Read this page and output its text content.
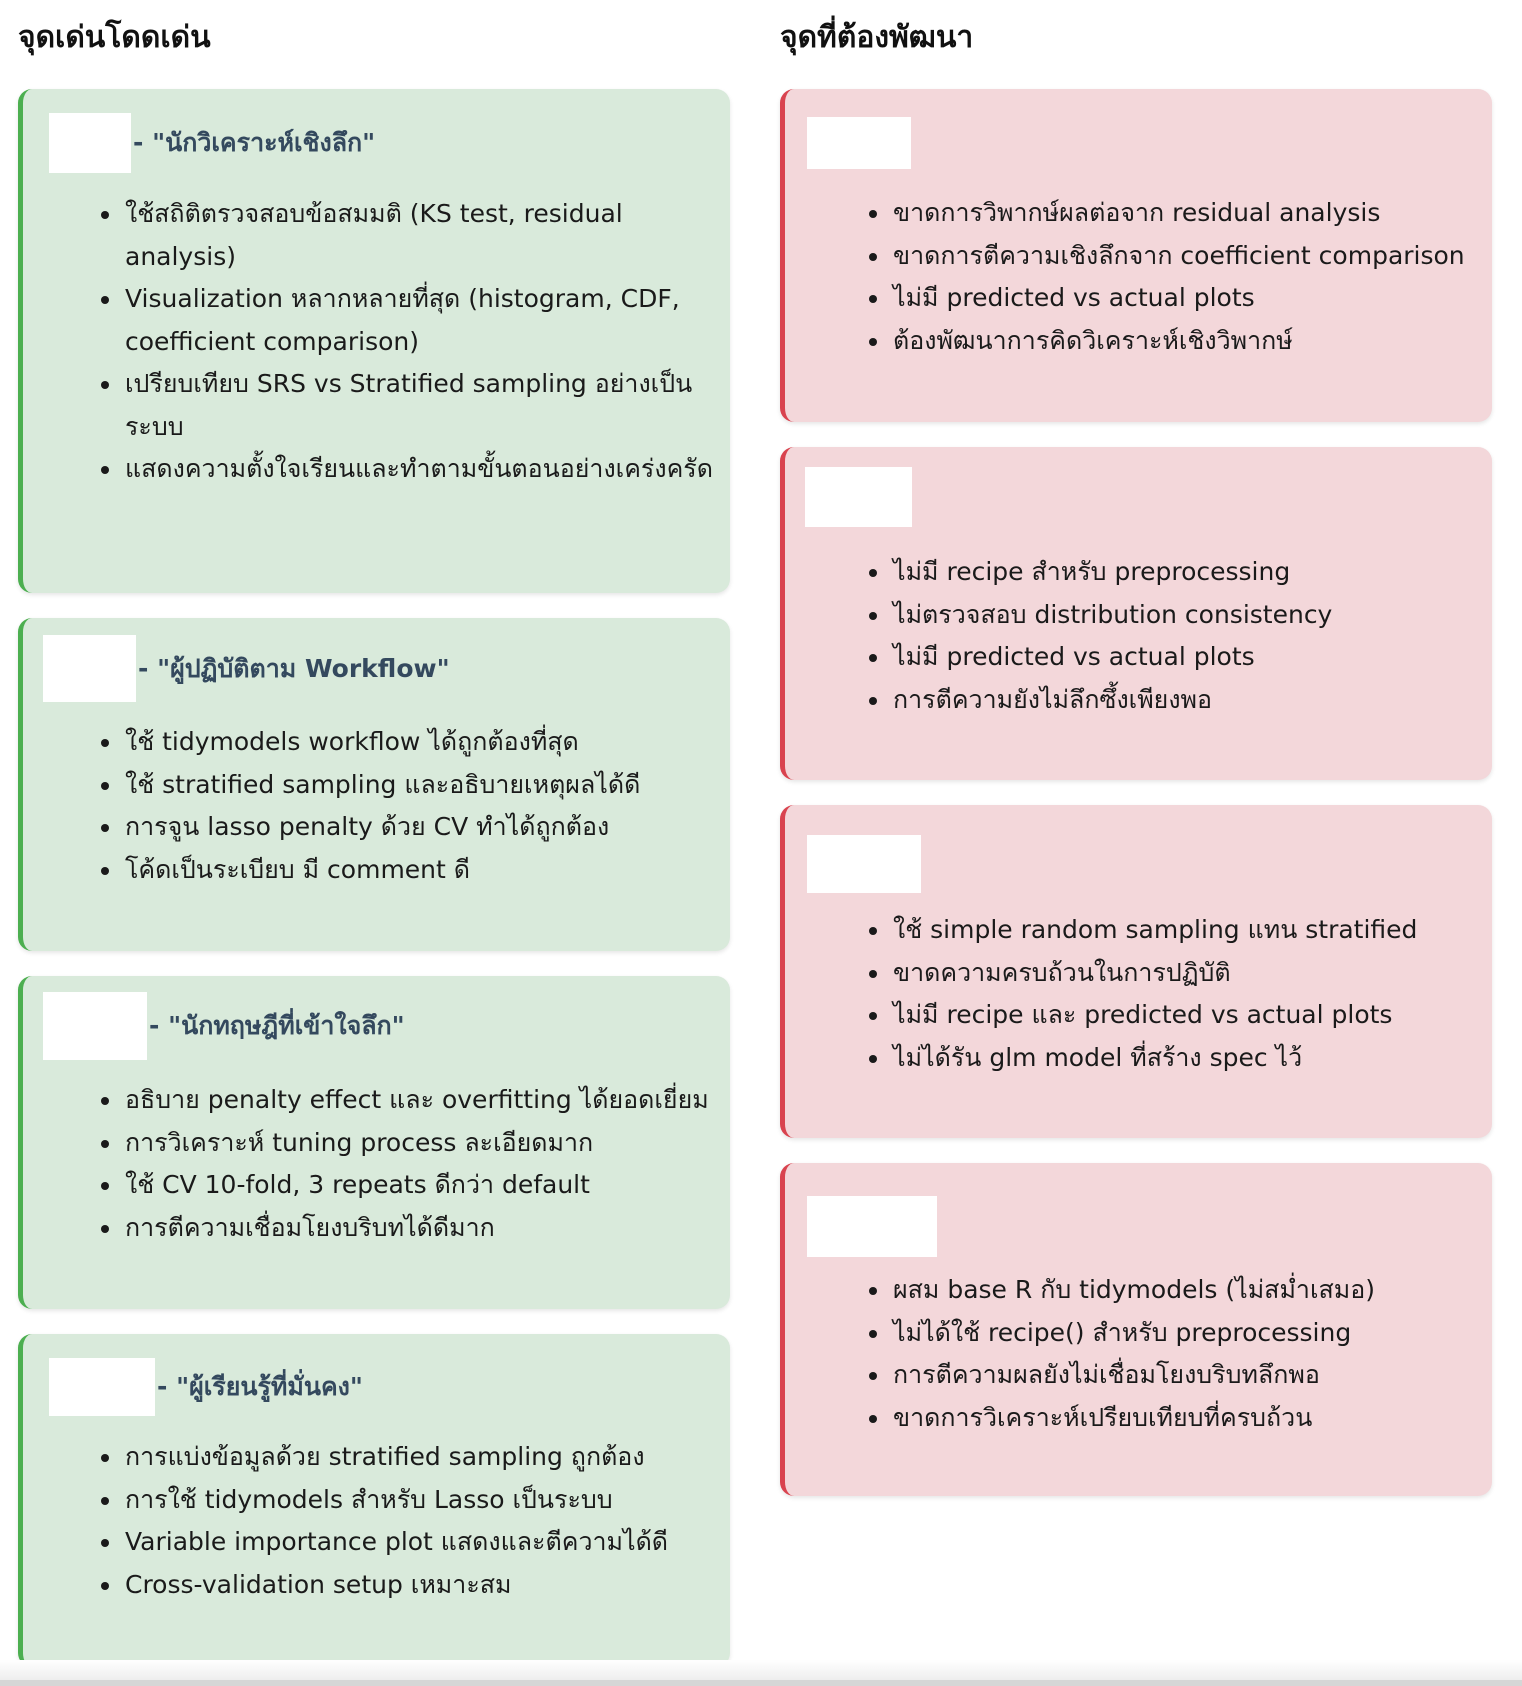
จุดเด่นโดดเด่น
- "นักวิเคราะห์เชิงลึก"
• ใช้สถิติตรวจสอบข้อสมมติ (KS test, residual analysis)
• Visualization หลากหลายที่สุด (histogram, CDF, coefficient comparison)
• เปรียบเทียบ SRS vs Stratified sampling อย่างเป็นระบบ
• แสดงความตั้งใจเรียนและทำตามขั้นตอนอย่างเคร่งครัด
- "ผู้ปฏิบัติตาม Workflow"
• ใช้ tidymodels workflow ได้ถูกต้องที่สุด
• ใช้ stratified sampling และอธิบายเหตุผลได้ดี
• การจูน lasso penalty ด้วย CV ทำได้ถูกต้อง
• โค้ดเป็นระเบียบ มี comment ดี
- "นักทฤษฎีที่เข้าใจลึก"
• อธิบาย penalty effect และ overfitting ได้ยอดเยี่ยม
• การวิเคราะห์ tuning process ละเอียดมาก
• ใช้ CV 10-fold, 3 repeats ดีกว่า default
• การตีความเชื่อมโยงบริบทได้ดีมาก
- "ผู้เรียนรู้ที่มั่นคง"
• การแบ่งข้อมูลด้วย stratified sampling ถูกต้อง
• การใช้ tidymodels สำหรับ Lasso เป็นระบบ
• Variable importance plot แสดงและตีความได้ดี
• Cross-validation setup เหมาะสม
จุดที่ต้องพัฒนา
• ขาดการวิพากษ์ผลต่อจาก residual analysis
• ขาดการตีความเชิงลึกจาก coefficient comparison
• ไม่มี predicted vs actual plots
• ต้องพัฒนาการคิดวิเคราะห์เชิงวิพากษ์
• ไม่มี recipe สำหรับ preprocessing
• ไม่ตรวจสอบ distribution consistency
• ไม่มี predicted vs actual plots
• การตีความยังไม่ลึกซึ้งเพียงพอ
• ใช้ simple random sampling แทน stratified
• ขาดความครบถ้วนในการปฏิบัติ
• ไม่มี recipe และ predicted vs actual plots
• ไม่ได้รัน glm model ที่สร้าง spec ไว้
• ผสม base R กับ tidymodels (ไม่สม่ำเสมอ)
• ไม่ได้ใช้ recipe() สำหรับ preprocessing
• การตีความผลยังไม่เชื่อมโยงบริบทลึกพอ
• ขาดการวิเคราะห์เปรียบเทียบที่ครบถ้วน
